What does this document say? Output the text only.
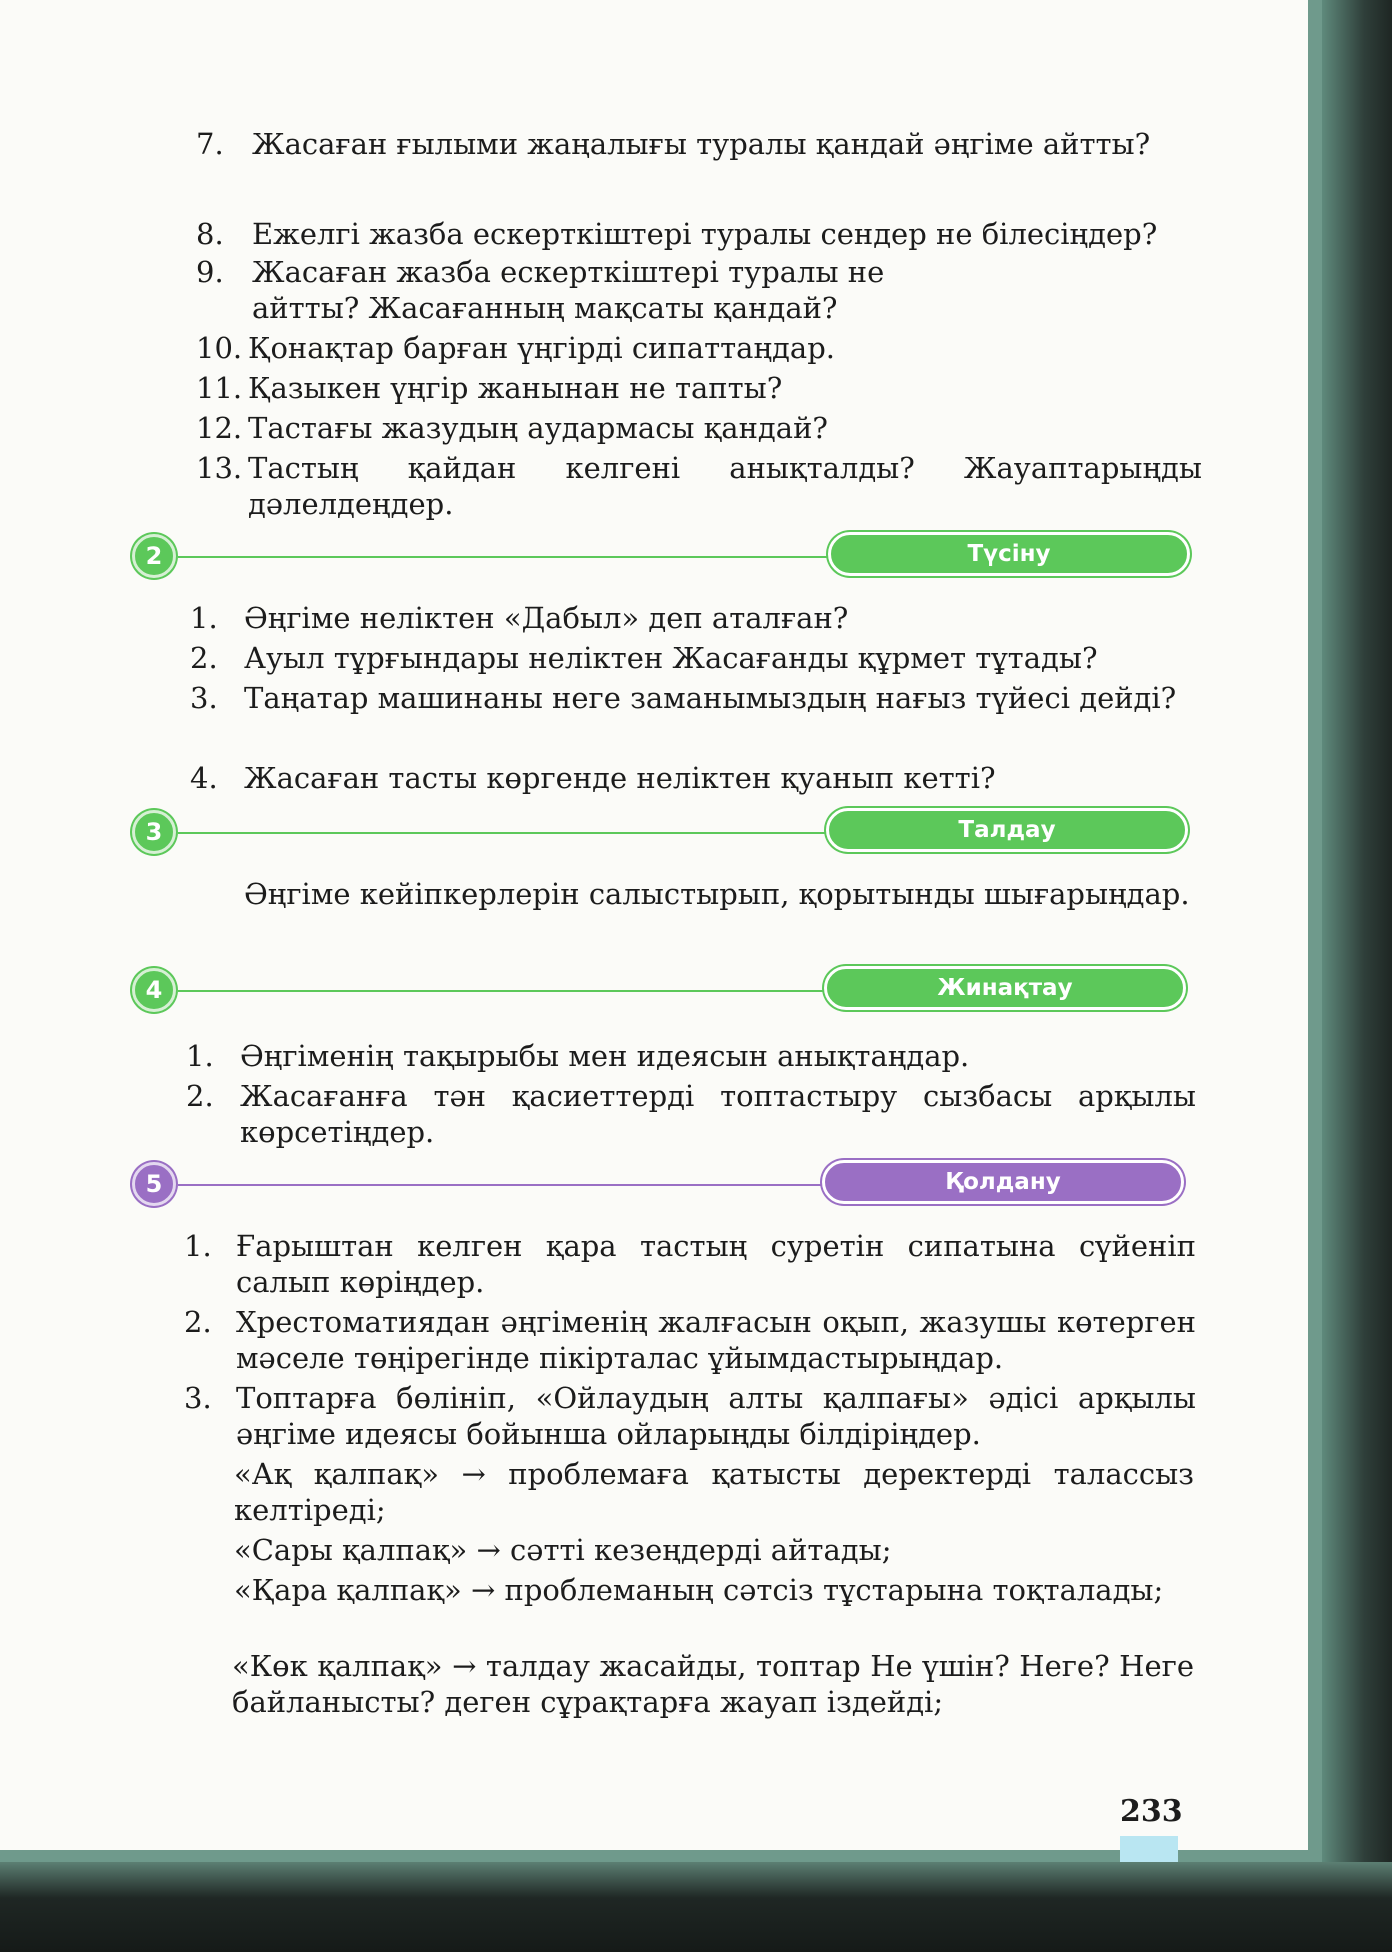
7. Жасаған ғылыми жаңалығы туралы қандай әңгіме айтты?
8. Ежелгі жазба ескерткіштері туралы сендер не білесіңдер?
9. Жасаған жазба ескерткіштері туралы не айтты? Жасағанның мақсаты қандай?
10. Қонақтар барған үңгірді сипаттаңдар.
11. Қазыкен үңгір жанынан не тапты?
12. Тастағы жазудың аудармасы қандай?
13. Тастың қайдан келгені анықталды? Жауаптарыңды дәлелдеңдер.
2	Түсіну
1. Әңгіме неліктен «Дабыл» деп аталған?
2. Ауыл тұрғындары неліктен Жасағанды құрмет тұтады?
3. Таңатар машинаны неге заманымыздың нағыз түйесі дейді?
4. Жасаған тасты көргенде неліктен қуанып кетті?
3	Талдау
Әңгіме кейіпкерлерін салыстырып, қорытынды шығарыңдар.
4	Жинақтау
1. Әңгіменің тақырыбы мен идеясын анықтаңдар.
2. Жасағанға тән қасиеттерді топтастыру сызбасы арқылы көрсетіңдер.
5	Қолдану
1. Ғарыштан келген қара тастың суретін сипатына сүйеніп салып көріңдер.
2. Хрестоматиядан әңгіменің жалғасын оқып, жазушы көтерген мәселе төңірегінде пікірталас ұйымдастырыңдар.
3. Топтарға бөлініп, «Ойлаудың алты қалпағы» әдісі арқылы әңгіме идеясы бойынша ойларыңды білдіріңдер.
«Ақ қалпақ» → проблемаға қатысты деректерді талассыз келтіреді;
«Сары қалпақ» → сәтті кезеңдерді айтады;
«Қара қалпақ» → проблеманың сәтсіз тұстарына тоқталады;
«Көк қалпақ» → талдау жасайды, топтар Не үшін? Неге? Неге байланысты? деген сұрақтарға жауап іздейді;
233
